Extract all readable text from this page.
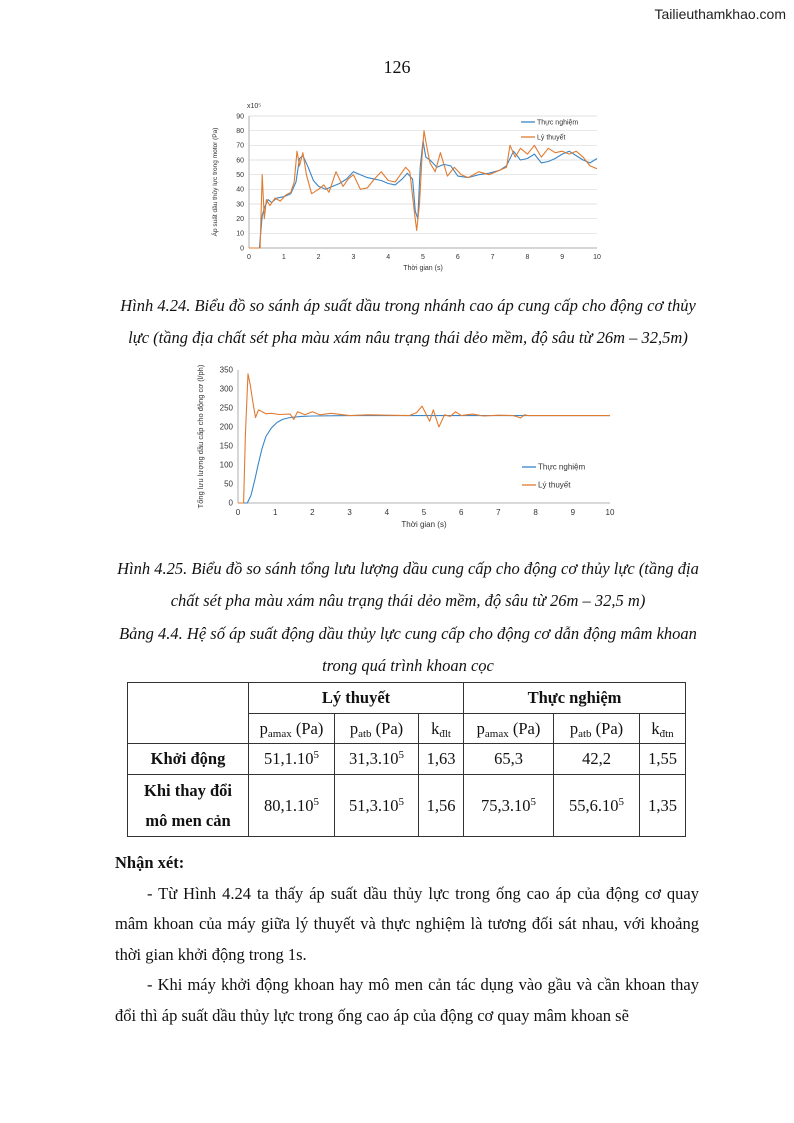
Tailieuthamkhao.com
126
0	1	2	3	4	5	6	7	8	9	10
0
10
20
30
40
50
60
70
80
90
Thời gian (s)
Áp suất dầu thủy lực trong motor (Pa)
x10⁵
Thực nghiệm
Lý thuyết
Hình 4.24. Biểu đồ so sánh áp suất dầu trong nhánh cao áp cung cấp cho động cơ thủy lực (tầng địa chất sét pha màu xám nâu trạng thái dẻo mềm, độ sâu từ 26m – 32,5m)
0	1	2	3	4	5	6	7	8	9	10
0
50
100
150
200
250
300
350
Thời gian (s)
Tổng lưu lượng dầu cấp cho động cơ (l/ph)	Thực nghiệm
Lý thuyết
Hình 4.25. Biểu đồ so sánh tổng lưu lượng dầu cung cấp cho động cơ thủy lực (tầng địa chất sét pha màu xám nâu trạng thái dẻo mềm, độ sâu từ 26m – 32,5 m)
Bảng 4.4. Hệ số áp suất động dầu thủy lực cung cấp cho động cơ dẫn động mâm khoan trong quá trình khoan cọc
	Lý thuyết			Thực nghiệm		
	$p_{amax}$ (Pa)	$p_{atb}$ (Pa)	$k_{đlt}$	$p_{amax}$ (Pa)	$p_{atb}$ (Pa)	$k_{đtn}$
Khởi động	51,1.10$^5$	31,3.10$^5$	1,63	65,3	42,2	1,55
Khi thay đổi
mô men cản	80,1.10$^5$	51,3.10$^5$	1,56	75,3.10$^5$	55,6.10$^5$	1,35
Nhận xét:

- Từ Hình 4.24 ta thấy áp suất dầu thủy lực trong ống cao áp của động cơ quay mâm khoan của máy giữa lý thuyết và thực nghiệm là tương đối sát nhau, với khoảng thời gian khởi động trong 1s.

- Khi máy khởi động khoan hay mô men cản tác dụng vào gầu và cần khoan thay đổi thì áp suất dầu thủy lực trong ống cao áp của động cơ quay mâm khoan sẽ
